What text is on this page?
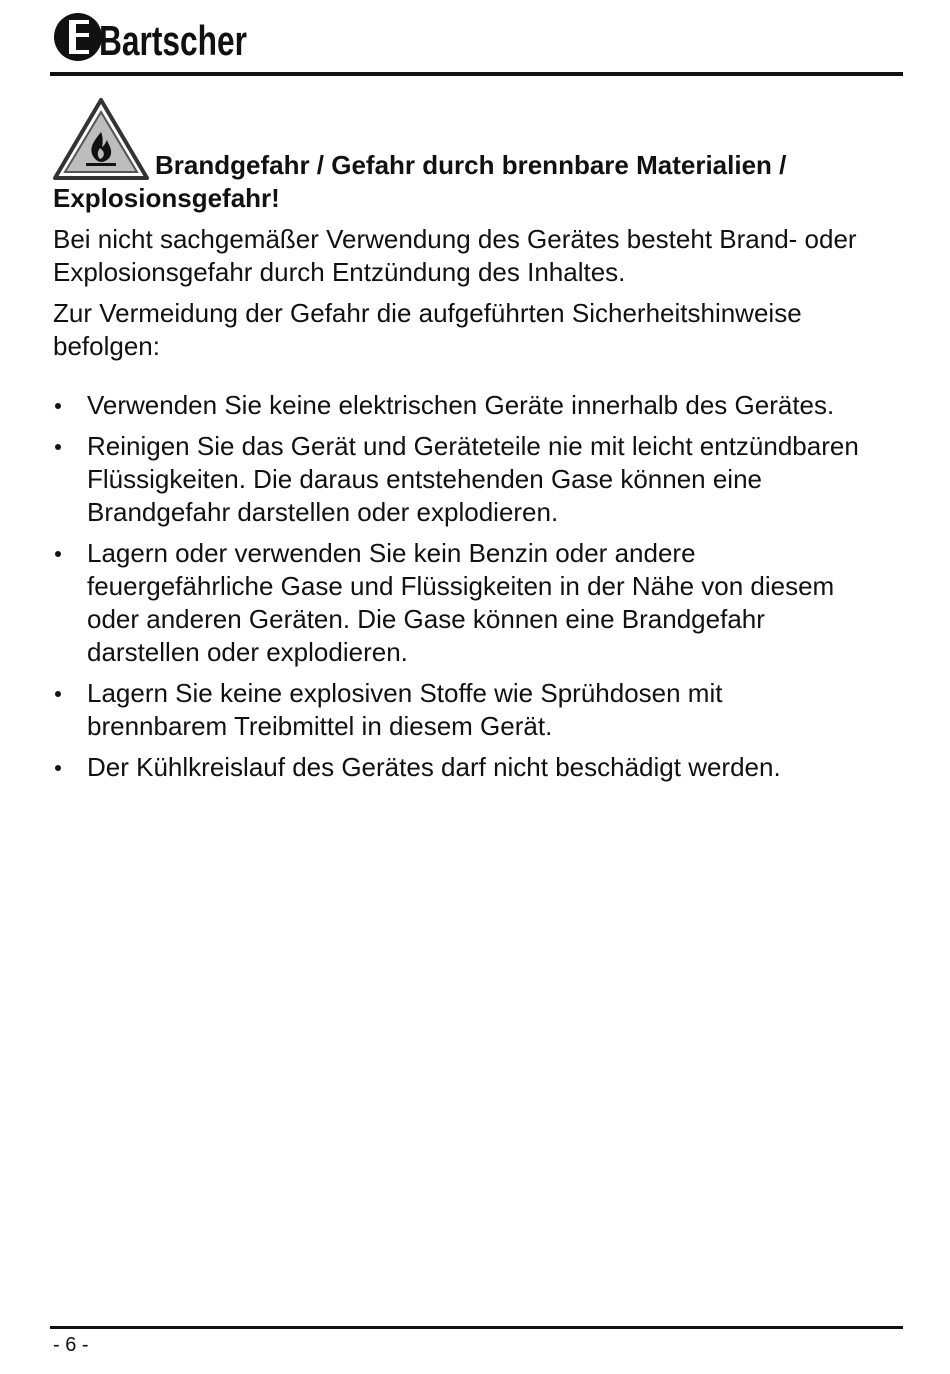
Bartscher
Brandgefahr / Gefahr durch brennbare Materialien / Explosionsgefahr!

Bei nicht sachgemäßer Verwendung des Gerätes besteht Brand- oder Explosionsgefahr durch Entzündung des Inhaltes.

Zur Vermeidung der Gefahr die aufgeführten Sicherheitshinweise befolgen:

Verwenden Sie keine elektrischen Geräte innerhalb des Gerätes.
Reinigen Sie das Gerät und Geräteteile nie mit leicht entzündbaren Flüssigkeiten. Die daraus entstehenden Gase können eine Brandgefahr darstellen oder explodieren.
Lagern oder verwenden Sie kein Benzin oder andere feuergefährliche Gase und Flüssigkeiten in der Nähe von diesem oder anderen Geräten. Die Gase können eine Brandgefahr darstellen oder explodieren.
Lagern Sie keine explosiven Stoffe wie Sprühdosen mit brennbarem Treibmittel in diesem Gerät.
Der Kühlkreislauf des Gerätes darf nicht beschädigt werden.
- 6 -
